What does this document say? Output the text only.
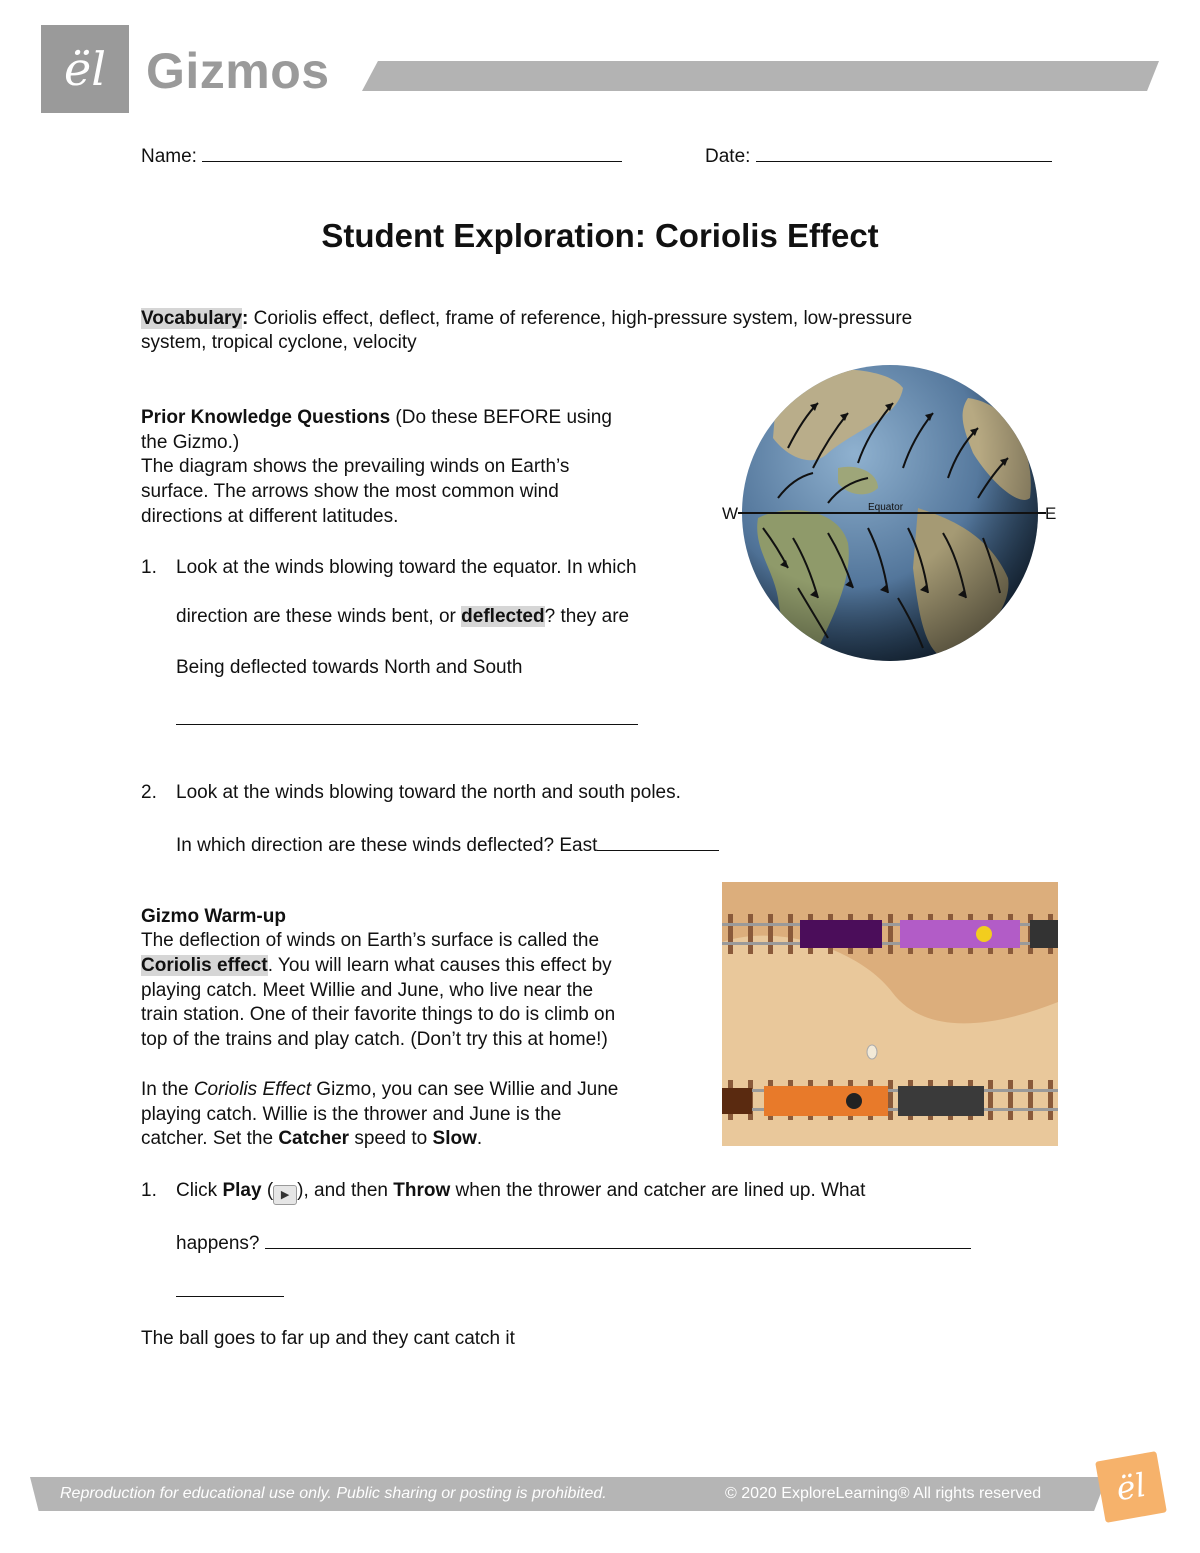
ël Gizmos
Name:	Date:
Student Exploration: Coriolis Effect
Vocabulary: Coriolis effect, deflect, frame of reference, high-pressure system, low-pressure
system, tropical cyclone, velocity
Prior Knowledge Questions (Do these BEFORE using
the Gizmo.)
The diagram shows the prevailing winds on Earth’s
surface. The arrows show the most common wind
directions at different latitudes.
1. Look at the winds blowing toward the equator. In which
direction are these winds bent, or deflected? they are
Being deflected towards North and South
2. Look at the winds blowing toward the north and south poles.
In which direction are these winds deflected? East
Equator
W	E
Gizmo Warm-up
The deflection of winds on Earth’s surface is called the
Coriolis effect. You will learn what causes this effect by
playing catch. Meet Willie and June, who live near the
train station. One of their favorite things to do is climb on
top of the trains and play catch. (Don’t try this at home!)
In the Coriolis Effect Gizmo, you can see Willie and June
playing catch. Willie is the thrower and June is the
catcher. Set the Catcher speed to Slow.
1. Click Play ( ▶ ), and then Throw when the thrower and catcher are lined up. What
happens?
The ball goes to far up and they cant catch it
Reproduction for educational use only. Public sharing or posting is prohibited.	© 2020 ExploreLearning® All rights reserved	ël
